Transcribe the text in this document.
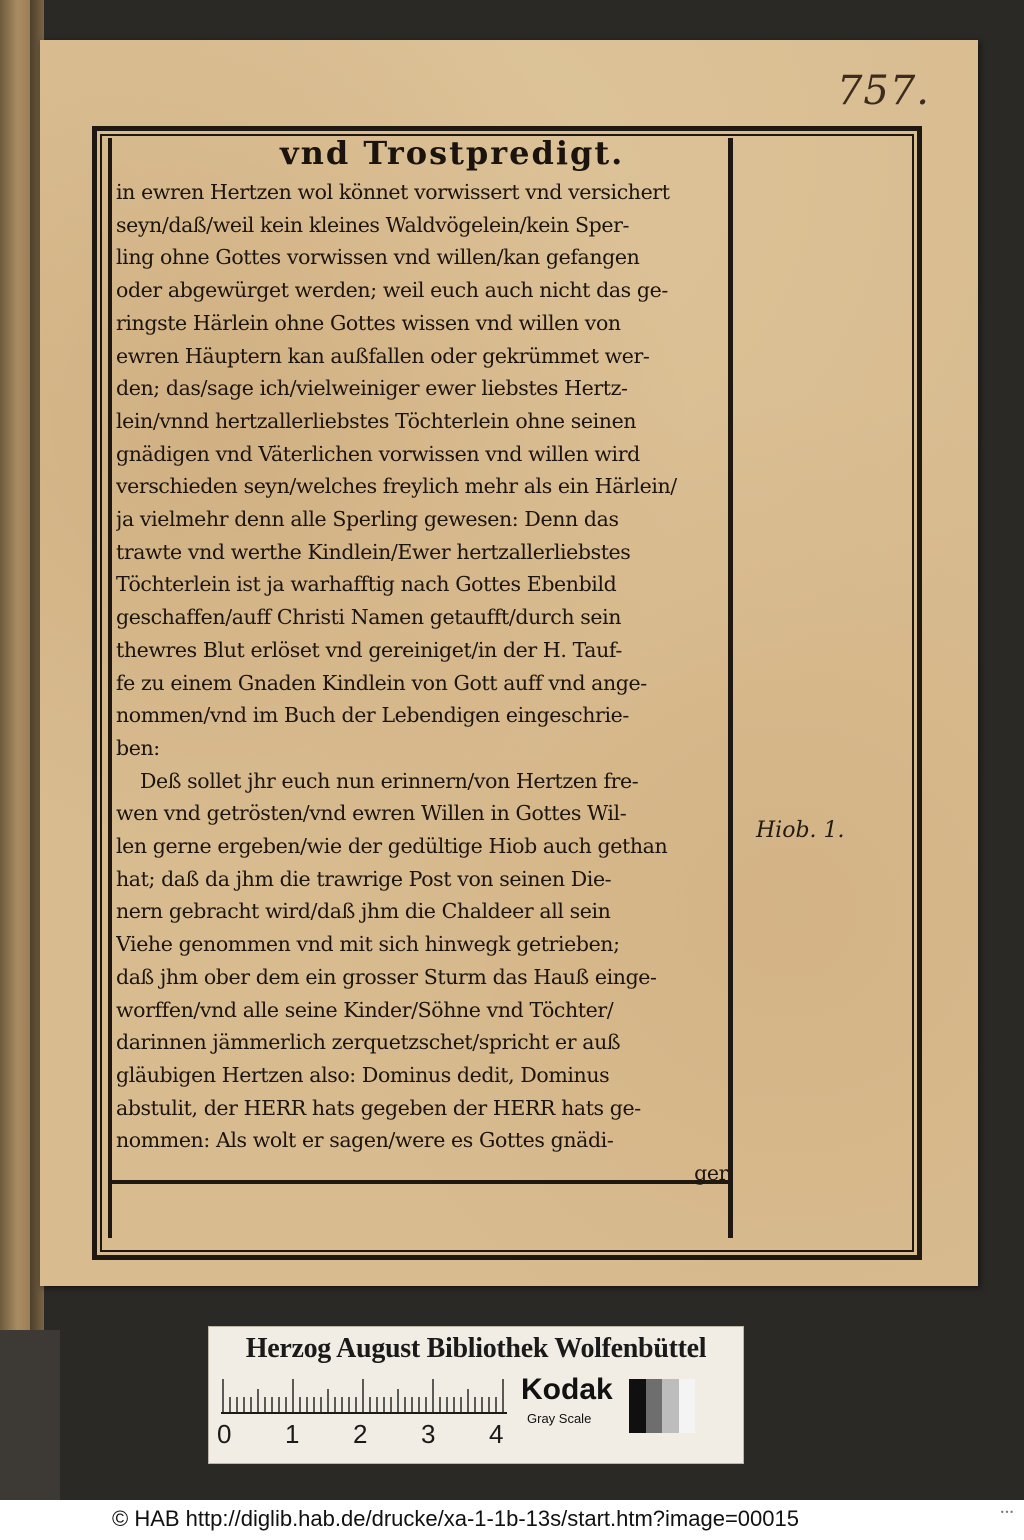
757.
vnd Trostpredigt.
in ewren Hertzen wol könnet vorwissert vnd versichert
seyn/daß/weil kein kleines Waldvögelein/kein Sper-
ling ohne Gottes vorwissen vnd willen/kan gefangen
oder abgewürget werden; weil euch auch nicht das ge-
ringste Härlein ohne Gottes wissen vnd willen von
ewren Häuptern kan außfallen oder gekrümmet wer-
den; das/sage ich/vielweiniger ewer liebstes Hertz-
lein/vnnd hertzallerliebstes Töchterlein ohne seinen
gnädigen vnd Väterlichen vorwissen vnd willen wird
verschieden seyn/welches freylich mehr als ein Härlein/
ja vielmehr denn alle Sperling gewesen: Denn das
trawte vnd werthe Kindlein/Ewer hertzallerliebstes
Töchterlein ist ja warhafftig nach Gottes Ebenbild
geschaffen/auff Christi Namen getaufft/durch sein
thewres Blut erlöset vnd gereiniget/in der H. Tauf-
fe zu einem Gnaden Kindlein von Gott auff vnd ange-
nommen/vnd im Buch der Lebendigen eingeschrie-
ben:
Deß sollet jhr euch nun erinnern/von Hertzen fre-
wen vnd getrösten/vnd ewren Willen in Gottes Wil-
len gerne ergeben/wie der gedültige Hiob auch gethan
hat; daß da jhm die trawrige Post von seinen Die-
nern gebracht wird/daß jhm die Chaldeer all sein
Viehe genommen vnd mit sich hinwegk getrieben;
daß jhm ober dem ein grosser Sturm das Hauß einge-
worffen/vnd alle seine Kinder/Söhne vnd Töchter/
darinnen jämmerlich zerquetzschet/spricht er auß
gläubigen Hertzen also: Dominus dedit, Dominus
abstulit, der HERR hats gegeben der HERR hats ge-
nommen: Als wolt er sagen/were es Gottes gnädi-
ger
Hiob. 1.
Herzog August Bibliothek Wolfenbüttel
0 1 2 3 4
Kodak
Gray Scale
© HAB http://diglib.hab.de/drucke/xa-1-1b-13s/start.htm?image=00015	•••
